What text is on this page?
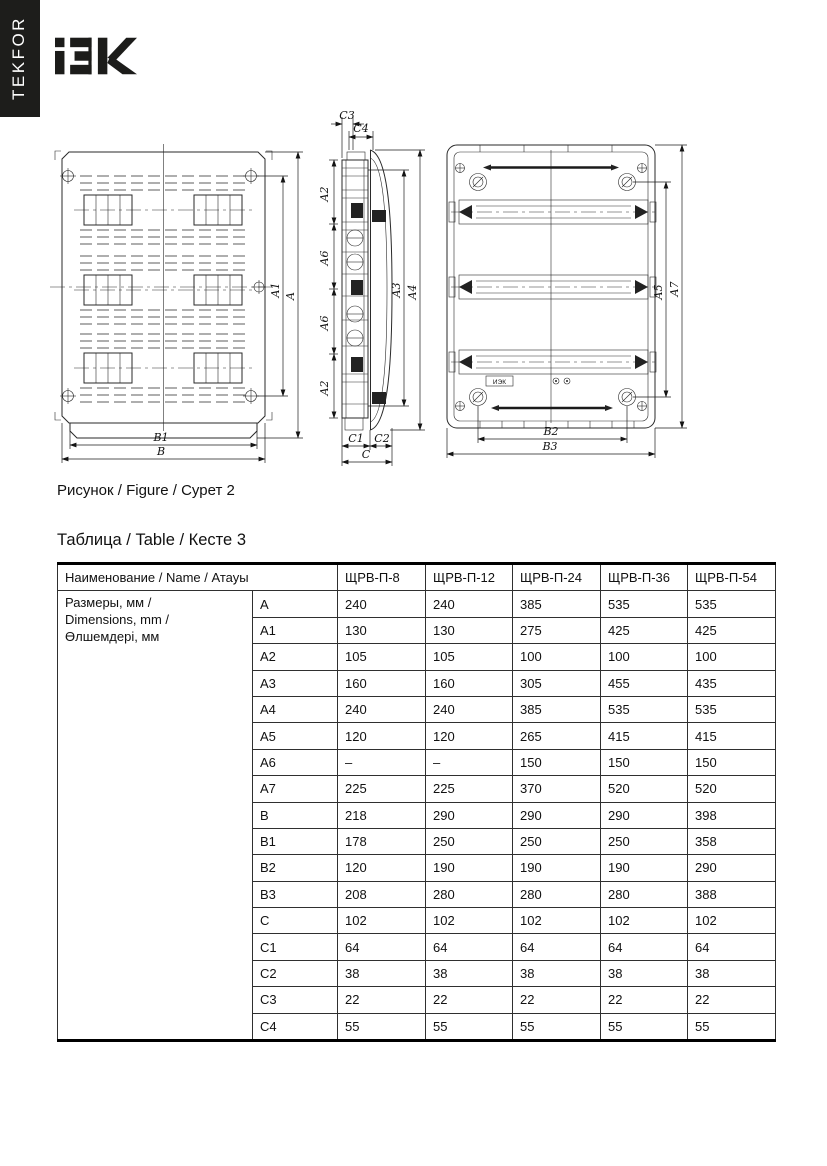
TEKFOR
A1 A
B1
B
C3
C4
A2
A6
A6
A2
A3 A4
C1 C2
C
ИЭК
B2
B3
A5 A7
Рисунок / Figure / Сурет 2
Таблица / Table / Кесте 3
Наименование / Name / Атауы		ЩРВ-П-8	ЩРВ-П-12	ЩРВ-П-24	ЩРВ-П-36	ЩРВ-П-54

Размеры, мм /
Dimensions, mm /
Өлшемдері, мм	A	240	240	385	535	535
	A1	130	130	275	425	425
	A2	105	105	100	100	100
	A3	160	160	305	455	435
	A4	240	240	385	535	535
	A5	120	120	265	415	415
	A6	–	–	150	150	150
	A7	225	225	370	520	520
	B	218	290	290	290	398
	B1	178	250	250	250	358
	B2	120	190	190	190	290
	B3	208	280	280	280	388
	C	102	102	102	102	102
	C1	64	64	64	64	64
	C2	38	38	38	38	38
	C3	22	22	22	22	22
	C4	55	55	55	55	55
